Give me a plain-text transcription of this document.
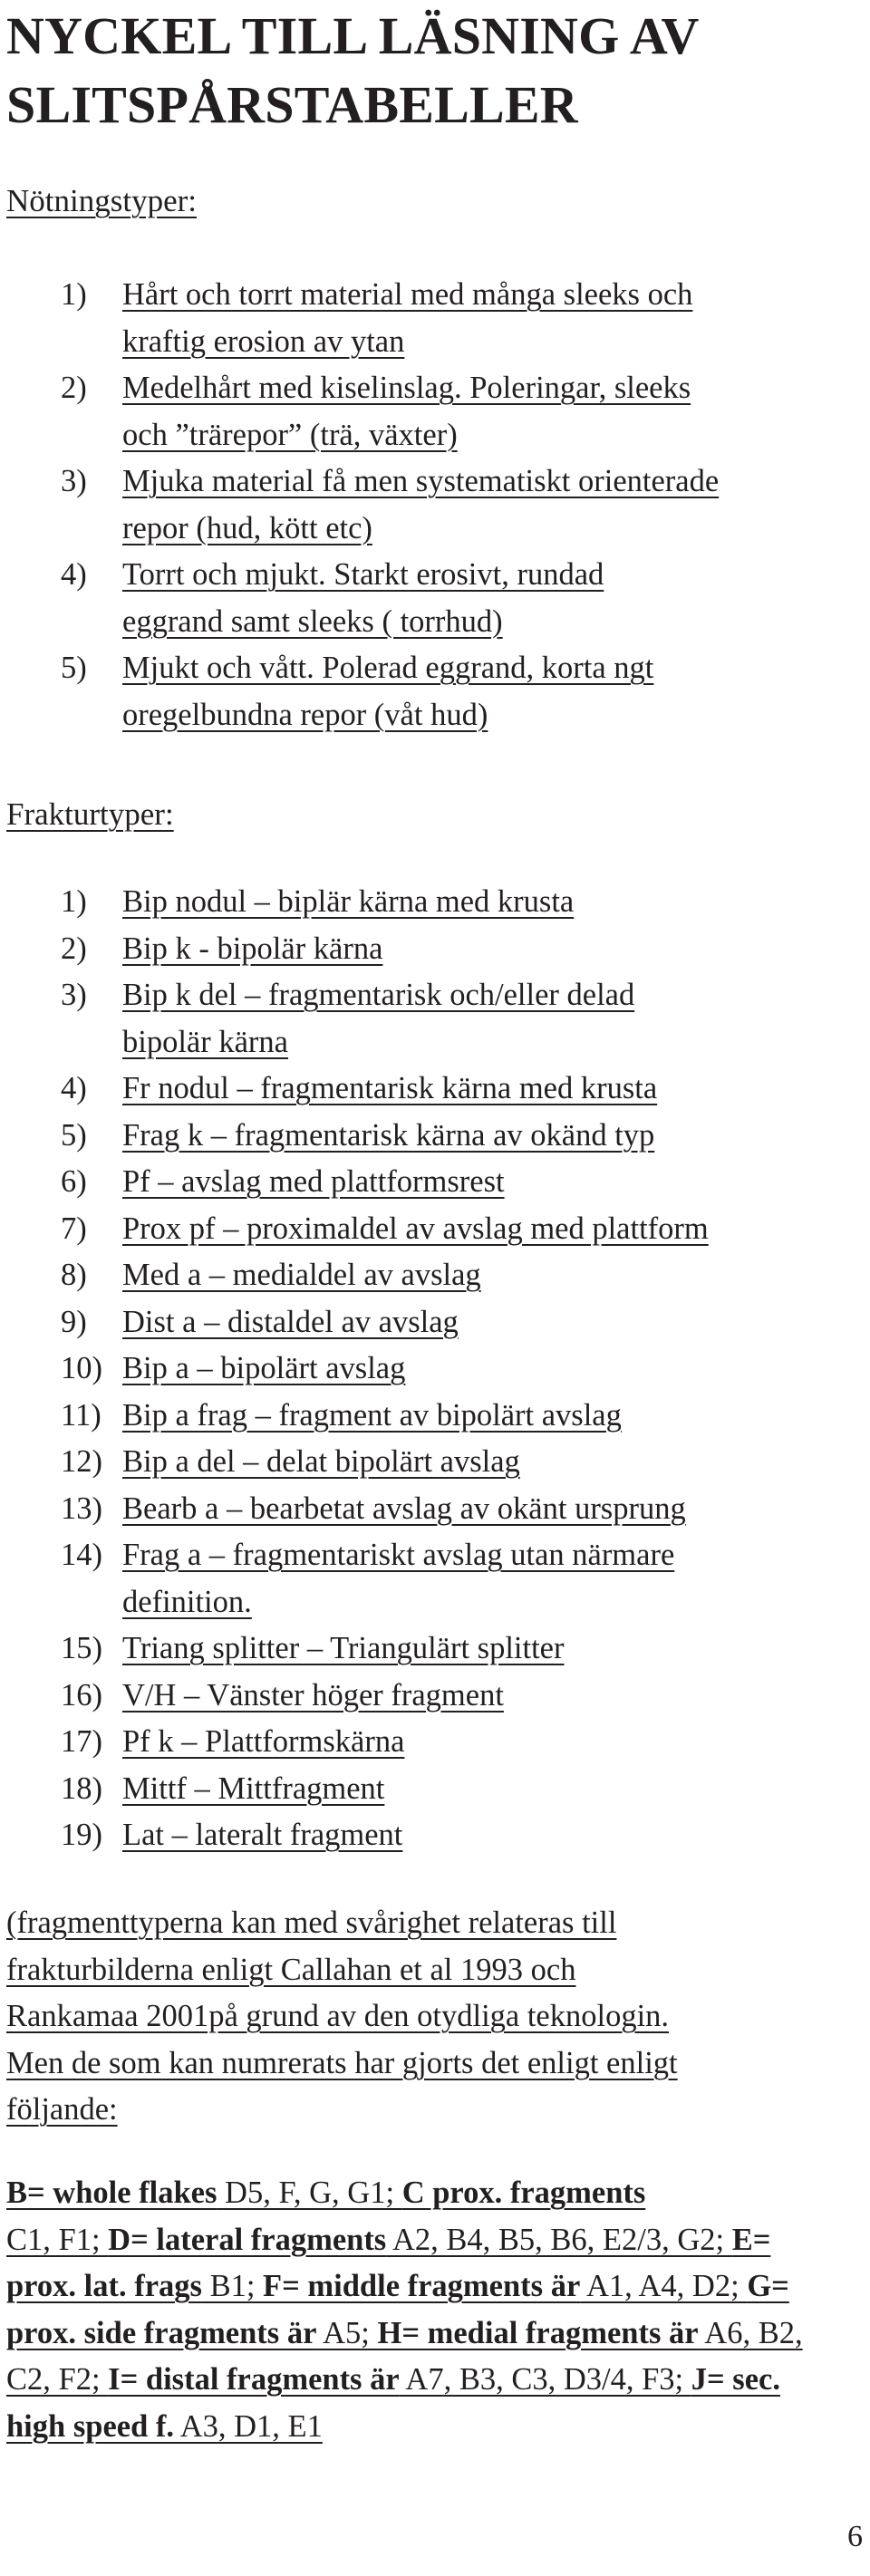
NYCKEL TILL LÄSNING AV
SLITSPÅRSTABELLER

Nötningstyper:

1) Hårt och torrt material med många sleeks och
kraftig erosion av ytan
2) Medelhårt med kiselinslag. Poleringar, sleeks
och ”trärepor” (trä, växter)
3) Mjuka material få men systematiskt orienterade
repor (hud, kött etc)
4) Torrt och mjukt. Starkt erosivt, rundad
eggrand samt sleeks ( torrhud)
5) Mjukt och vått. Polerad eggrand, korta ngt
oregelbundna repor (våt hud)

Frakturtyper:

1) Bip nodul – biplär kärna med krusta
2) Bip k - bipolär kärna
3) Bip k del – fragmentarisk och/eller delad
bipolär kärna
4) Fr nodul – fragmentarisk kärna med krusta
5) Frag k – fragmentarisk kärna av okänd typ
6) Pf – avslag med plattformsrest
7) Prox pf – proximaldel av avslag med plattform
8) Med a – medialdel av avslag
9) Dist a – distaldel av avslag
10) Bip a – bipolärt avslag
11) Bip a frag – fragment av bipolärt avslag
12) Bip a del – delat bipolärt avslag
13) Bearb a – bearbetat avslag av okänt ursprung
14) Frag a – fragmentariskt avslag utan närmare
definition.
15) Triang splitter – Triangulärt splitter
16) V/H – Vänster höger fragment
17) Pf k – Plattformskärna
18) Mittf – Mittfragment
19) Lat – lateralt fragment

(fragmenttyperna kan med svårighet relateras till
frakturbilderna enligt Callahan et al 1993 och
Rankamaa 2001på grund av den otydliga teknologin.
Men de som kan numrerats har gjorts det enligt enligt
följande:

B= whole flakes D5, F, G, G1; C prox. fragments
C1, F1; D= lateral fragments A2, B4, B5, B6, E2/3, G2; E= prox. lat. frags B1; F= middle fragments är A1, A4, D2; G= prox. side fragments är A5; H= medial fragments är A6, B2, C2, F2; I= distal fragments är A7, B3, C3, D3/4, F3; J= sec. high speed f. A3, D1, E1

6
